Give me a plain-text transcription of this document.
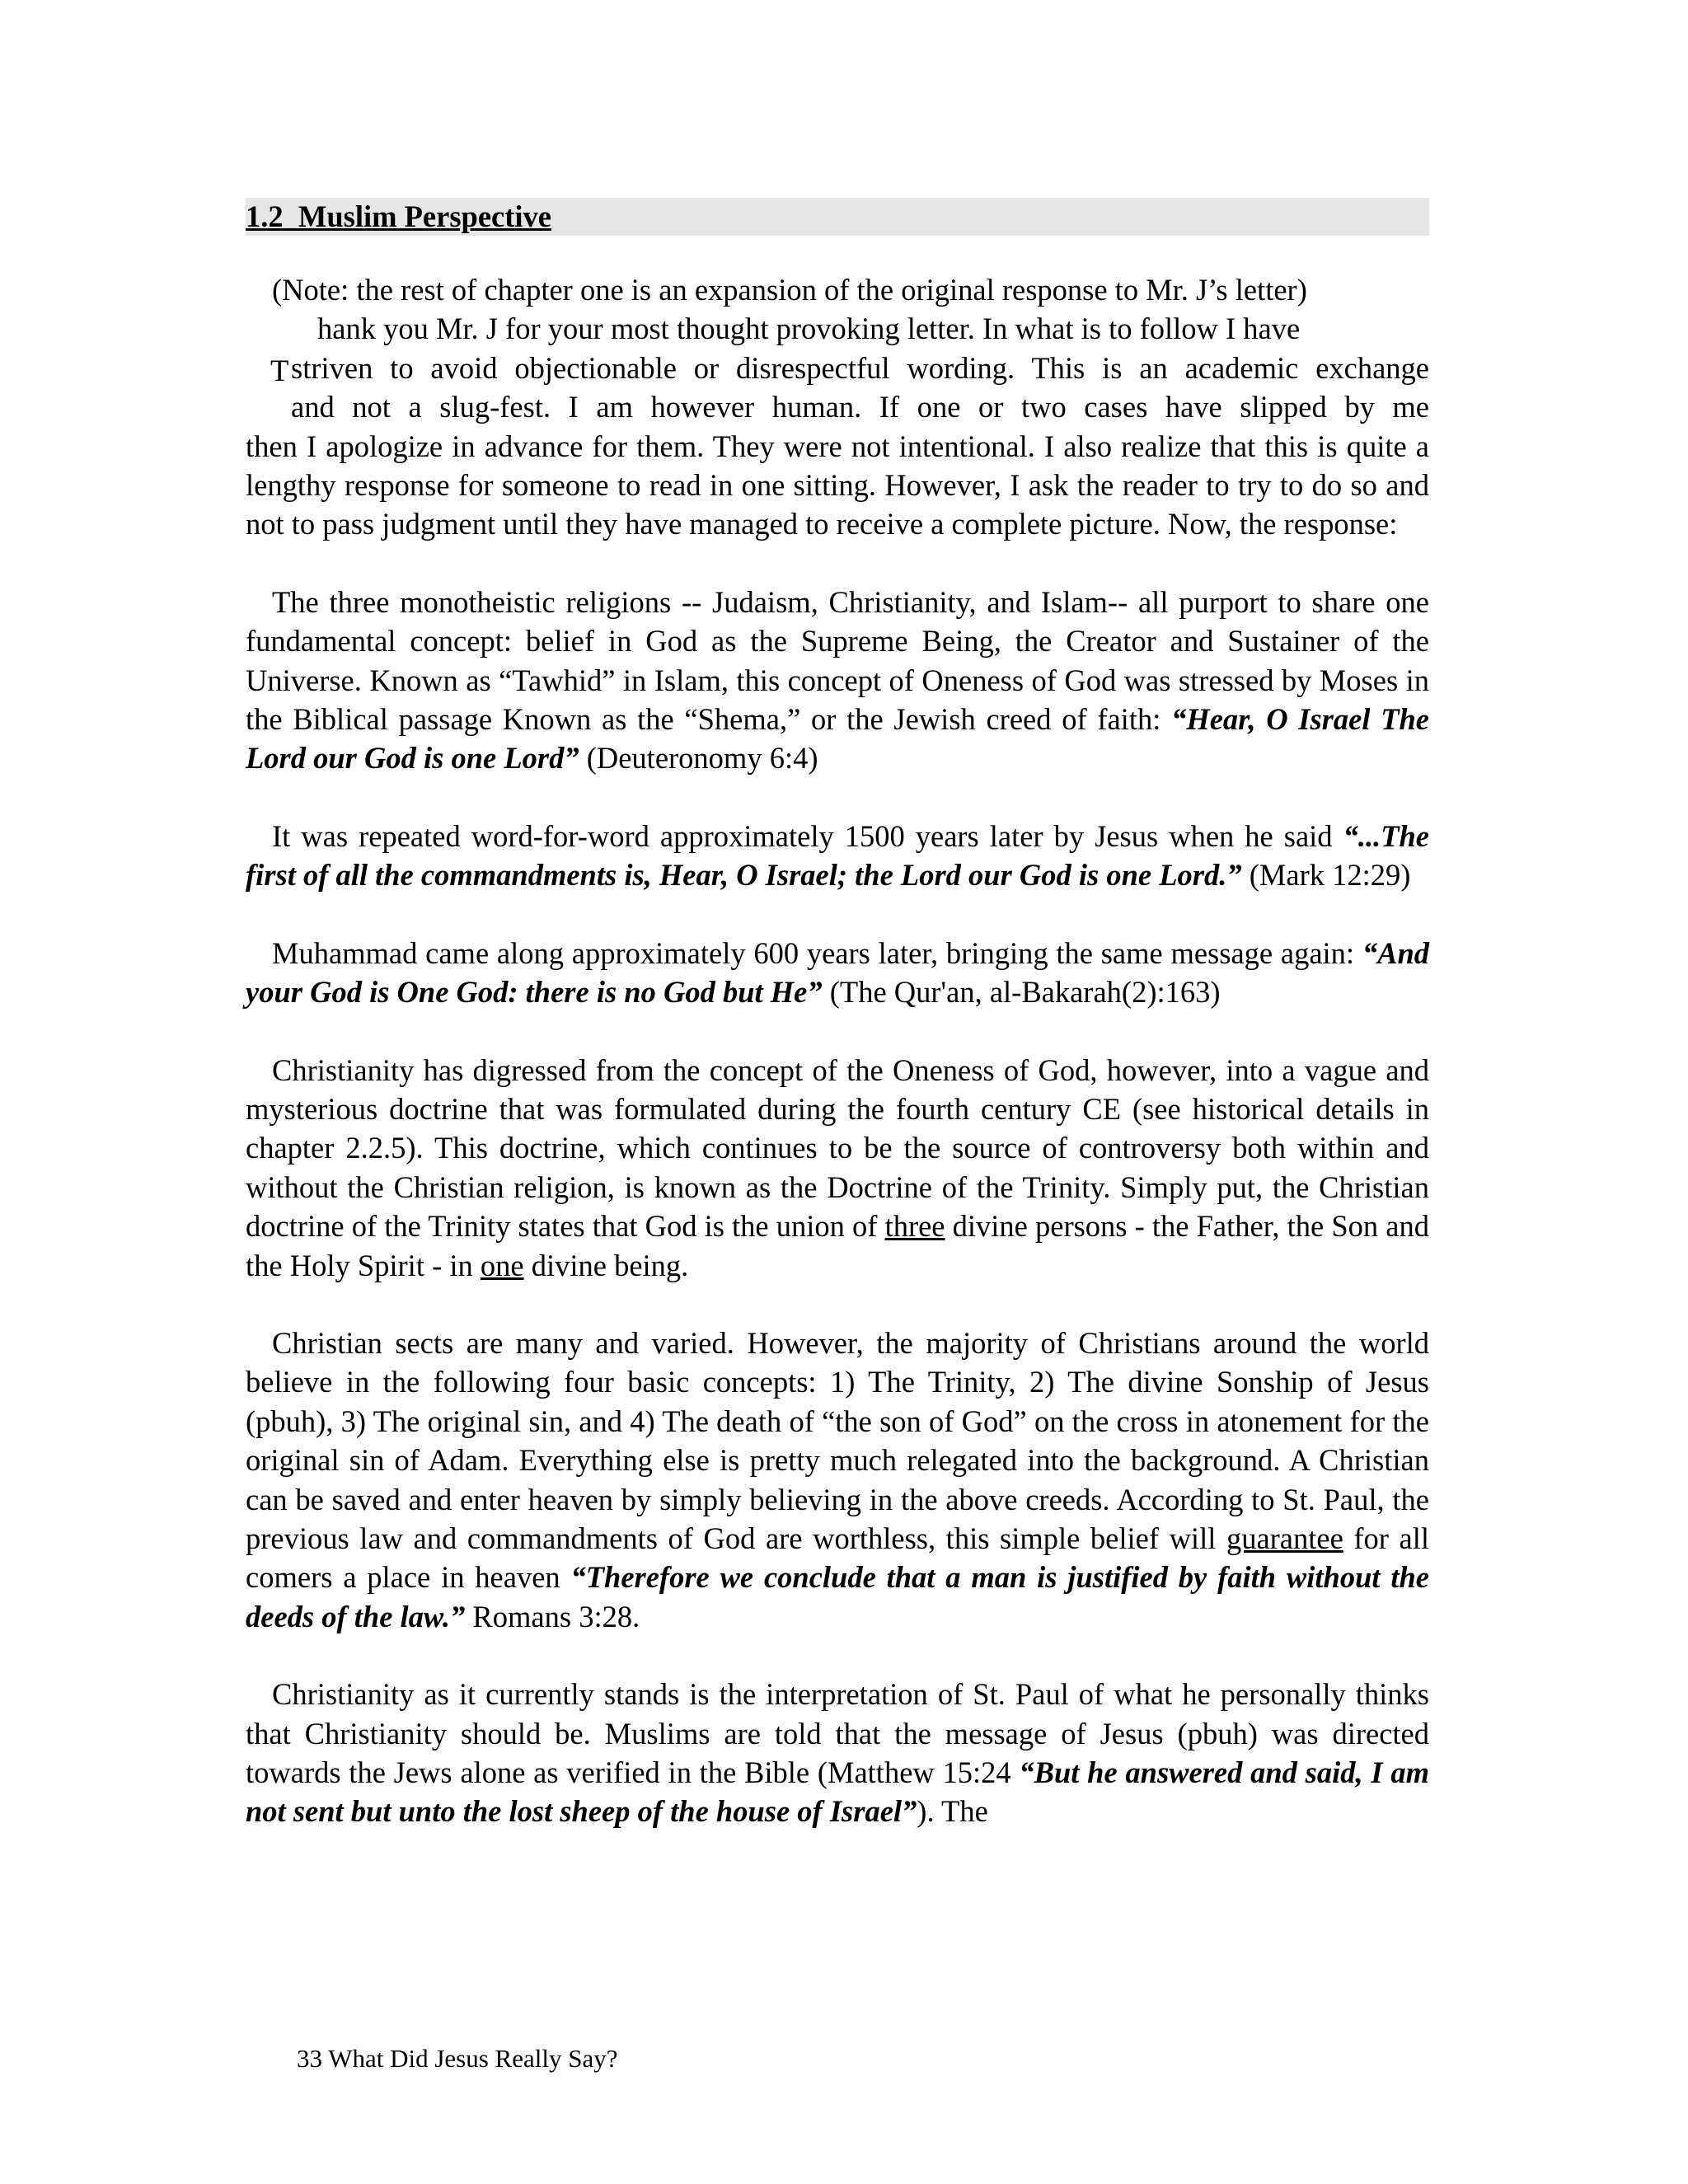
1.2 Muslim Perspective

(Note: the rest of chapter one is an expansion of the original response to Mr. J’s letter)

T
hank you Mr. J for your most thought provoking letter. In what is to follow I have
striven to avoid objectionable or disrespectful wording. This is an academic exchange
and not a slug-fest. I am however human. If one or two cases have slipped by me

then I apologize in advance for them. They were not intentional. I also realize that this is quite a lengthy response for someone to read in one sitting. However, I ask the reader to try to do so and not to pass judgment until they have managed to receive a complete picture. Now, the response:

The three monotheistic religions -- Judaism, Christianity, and Islam-- all purport to share one fundamental concept: belief in God as the Supreme Being, the Creator and Sustainer of the Universe. Known as “Tawhid” in Islam, this concept of Oneness of God was stressed by Moses in the Biblical passage Known as the “Shema,” or the Jewish creed of faith: “Hear, O Israel The Lord our God is one Lord” (Deuteronomy 6:4)

It was repeated word-for-word approximately 1500 years later by Jesus when he said “...The first of all the commandments is, Hear, O Israel; the Lord our God is one Lord.” (Mark 12:29)

Muhammad came along approximately 600 years later, bringing the same message again: “And your God is One God: there is no God but He” (The Qur'an, al-Bakarah(2):163)

Christianity has digressed from the concept of the Oneness of God, however, into a vague and mysterious doctrine that was formulated during the fourth century CE (see historical details in chapter 2.2.5). This doctrine, which continues to be the source of controversy both within and without the Christian religion, is known as the Doctrine of the Trinity. Simply put, the Christian doctrine of the Trinity states that God is the union of three divine persons - the Father, the Son and the Holy Spirit - in one divine being.

Christian sects are many and varied. However, the majority of Christians around the world believe in the following four basic concepts: 1) The Trinity, 2) The divine Sonship of Jesus (pbuh), 3) The original sin, and 4) The death of “the son of God” on the cross in atonement for the original sin of Adam. Everything else is pretty much relegated into the background. A Christian can be saved and enter heaven by simply believing in the above creeds. According to St. Paul, the previous law and commandments of God are worthless, this simple belief will guarantee for all comers a place in heaven “Therefore we conclude that a man is justified by faith without the deeds of the law.” Romans 3:28.

Christianity as it currently stands is the interpretation of St. Paul of what he personally thinks that Christianity should be. Muslims are told that the message of Jesus (pbuh) was directed towards the Jews alone as verified in the Bible (Matthew 15:24 “But he answered and said, I am not sent but unto the lost sheep of the house of Israel”). The

33 What Did Jesus Really Say?
